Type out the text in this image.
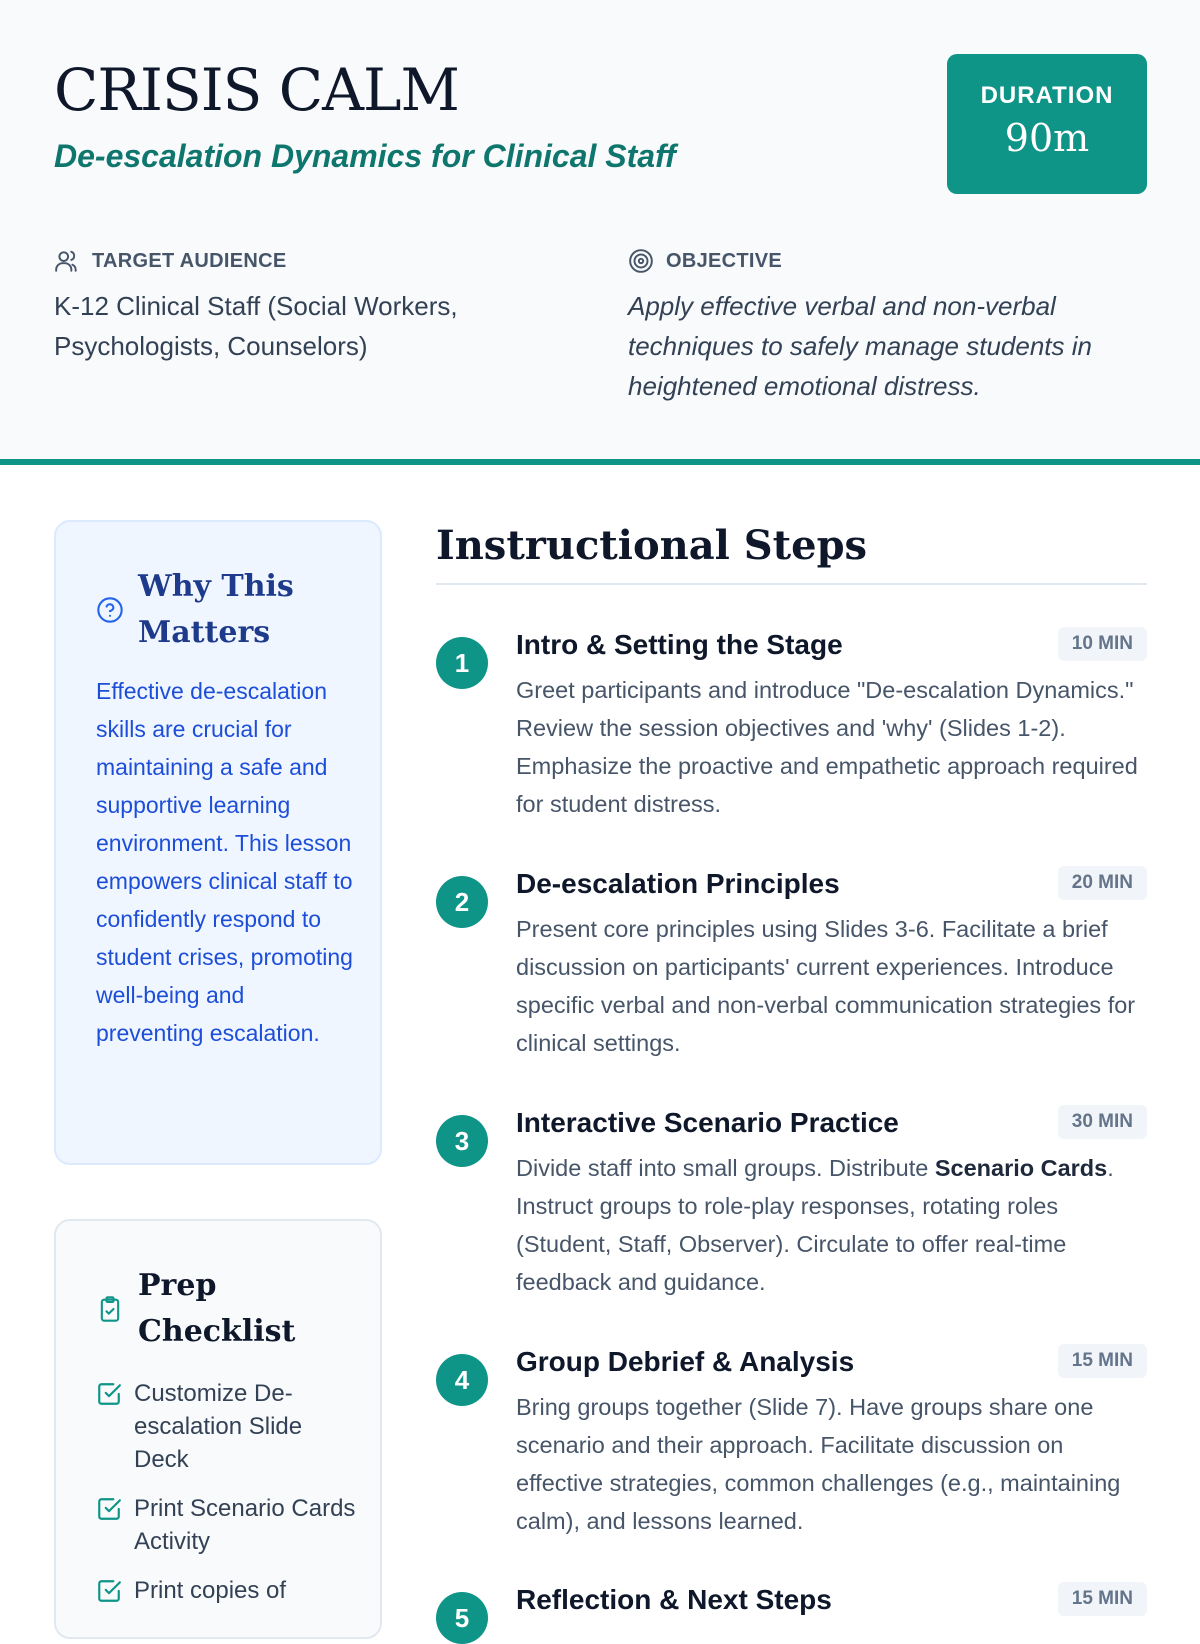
CRISIS CALM
De-escalation Dynamics for Clinical Staff
DURATION
90m
TARGET AUDIENCE

K-12 Clinical Staff (Social Workers, Psychologists, Counselors)

OBJECTIVE

Apply effective verbal and non-verbal techniques to safely manage students in heightened emotional distress.

Why This Matters

Effective de-escalation skills are crucial for maintaining a safe and supportive learning environment. This lesson empowers clinical staff to confidently respond to student crises, promoting well-being and preventing escalation.

Prep Checklist
Customize De-escalation Slide Deck
Print Scenario Cards Activity
Print copies of
Instructional Steps
1
Intro & Setting the Stage	10 MIN

Greet participants and introduce "De-escalation Dynamics." Review the session objectives and 'why' (Slides 1-2). Emphasize the proactive and empathetic approach required for student distress.

2
De-escalation Principles	20 MIN

Present core principles using Slides 3-6. Facilitate a brief discussion on participants' current experiences. Introduce specific verbal and non-verbal communication strategies for clinical settings.

3
Interactive Scenario Practice	30 MIN

Divide staff into small groups. Distribute Scenario Cards. Instruct groups to role-play responses, rotating roles (Student, Staff, Observer). Circulate to offer real-time feedback and guidance.

4
Group Debrief & Analysis	15 MIN

Bring groups together (Slide 7). Have groups share one scenario and their approach. Facilitate discussion on effective strategies, common challenges (e.g., maintaining calm), and lessons learned.

5
Reflection & Next Steps	15 MIN
